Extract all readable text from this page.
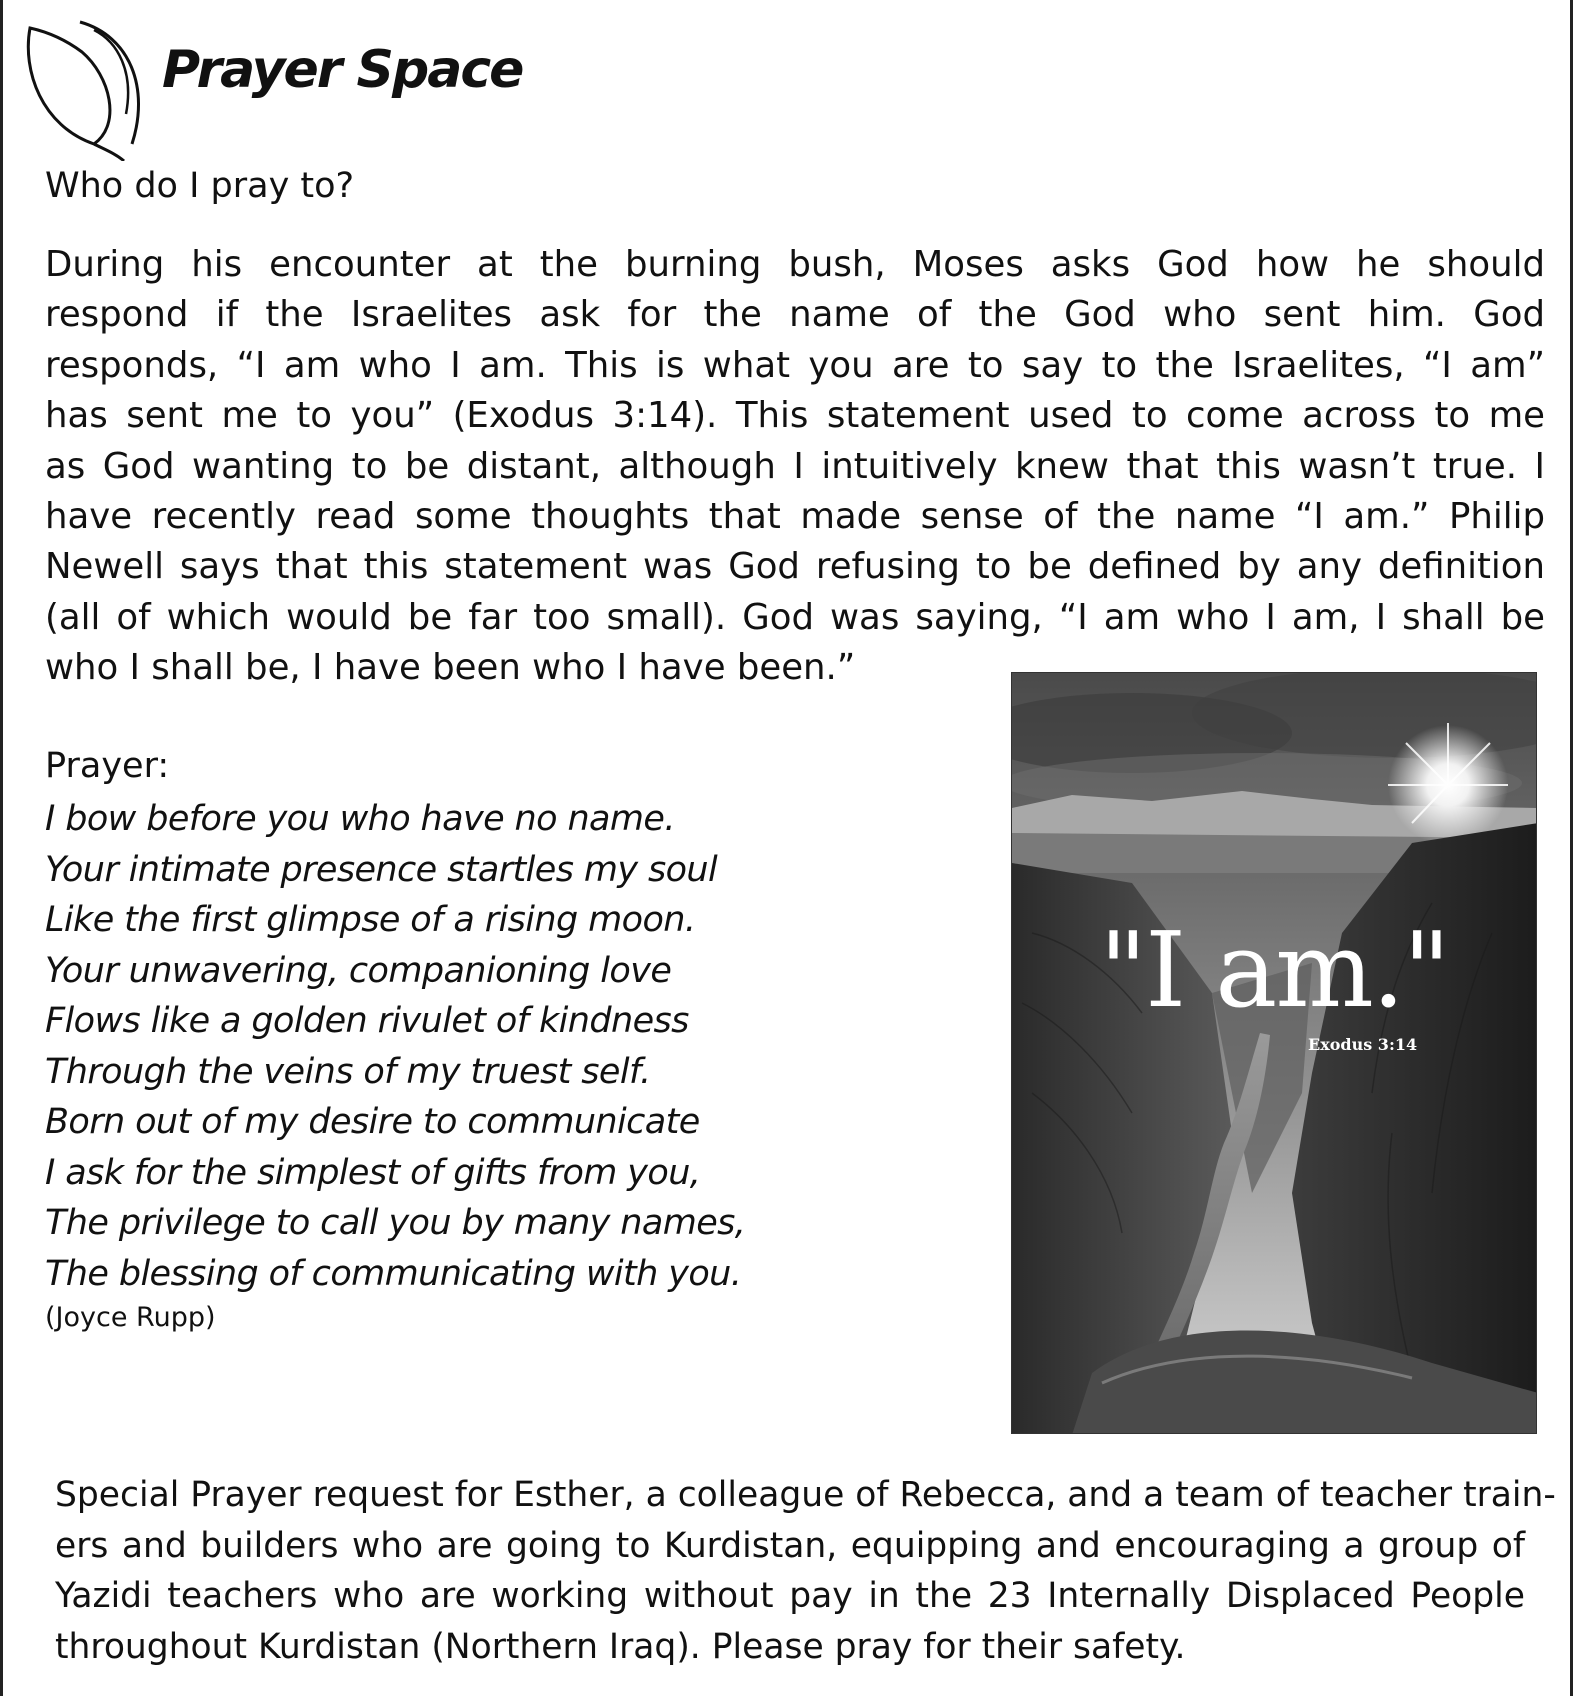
Prayer Space

Who do I pray to?

During his encounter at the burning bush, Moses asks God how he should
respond if the Israelites ask for the name of the God who sent him. God
responds, “I am who I am. This is what you are to say to the Israelites, “I am”
has sent me to you” (Exodus 3:14). This statement used to come across to me
as God wanting to be distant, although I intuitively knew that this wasn’t true. I
have recently read some thoughts that made sense of the name “I am.” Philip
Newell says that this statement was God refusing to be defined by any definition
(all of which would be far too small). God was saying, “I am who I am, I shall be
who I shall be, I have been who I have been.”

Prayer:

I bow before you who have no name.
Your intimate presence startles my soul
Like the first glimpse of a rising moon.
Your unwavering, companioning love
Flows like a golden rivulet of kindness
Through the veins of my truest self.
Born out of my desire to communicate
I ask for the simplest of gifts from you,
The privilege to call you by many names,
The blessing of communicating with you.

(Joyce Rupp)

"I am."
Exodus 3:14
Special Prayer request for Esther, a colleague of Rebecca, and a team of teacher train-
ers and builders who are going to Kurdistan, equipping and encouraging a group of
Yazidi teachers who are working without pay in the 23 Internally Displaced People
throughout Kurdistan (Northern Iraq). Please pray for their safety.
